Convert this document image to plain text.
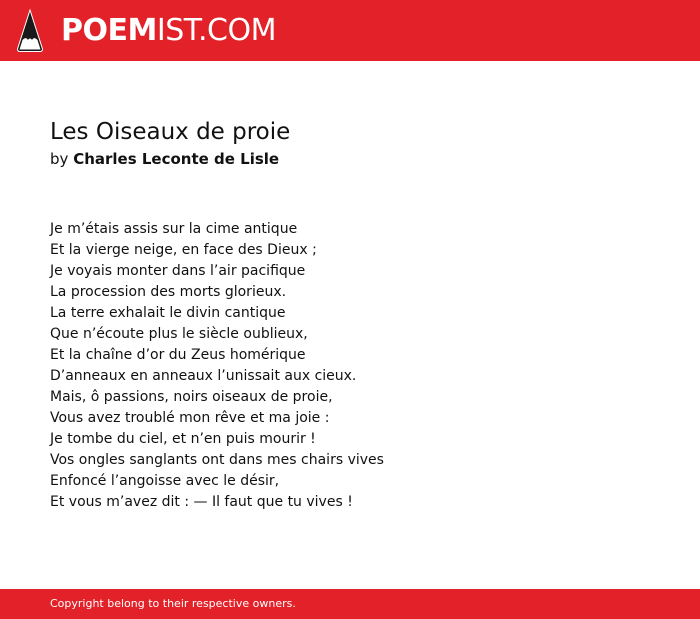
POEMIST.COM
Les Oiseaux de proie
by Charles Leconte de Lisle
Je m’étais assis sur la cime antique
Et la vierge neige, en face des Dieux ;
Je voyais monter dans l’air pacifique
La procession des morts glorieux.
La terre exhalait le divin cantique
Que n’écoute plus le siècle oublieux,
Et la chaîne d’or du Zeus homérique
D’anneaux en anneaux l’unissait aux cieux.
Mais, ô passions, noirs oiseaux de proie,
Vous avez troublé mon rêve et ma joie :
Je tombe du ciel, et n’en puis mourir !
Vos ongles sanglants ont dans mes chairs vives
Enfoncé l’angoisse avec le désir,
Et vous m’avez dit : — Il faut que tu vives !
Copyright belong to their respective owners.
